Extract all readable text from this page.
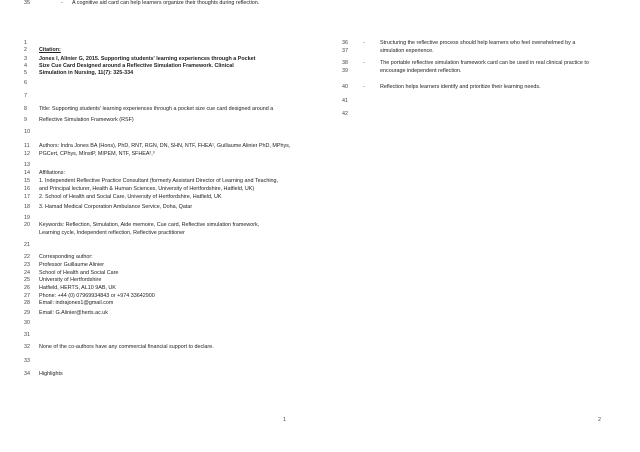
1
2	Citation:
3	Jones I, Alinier G, 2015. Supporting students' learning experiences through a Pocket
4	Size Cue Card Designed around a Reflective Simulation Framework. Clinical
5	Simulation in Nursing, 11(7): 325-334
6
7
8	Title: Supporting students' learning experiences through a pocket size cue card designed around a
9	Reflective Simulation Framework (RSF)
10
11	Authors: Indra Jones BA (Hons), PhD, RNT, RGN, DN, SHN, NTF, FHEA¹, Guillaume Alinier PhD, MPhys,
12	PGCert, CPhys, MInstP, MIPEM, NTF, SFHEA²,³
13
14	Affiliations:
15	1. Independent Reflective Practice Consultant (formerly Assistant Director of Learning and Teaching,
16	and Principal lecturer, Health & Human Sciences, University of Hertfordshire, Hatfield, UK)
17	2. School of Health and Social Care, University of Hertfordshire, Hatfield, UK
18	3. Hamad Medical Corporation Ambulance Service, Doha, Qatar
19
20	Keywords: Reflection, Simulation, Aide memoire, Cue card, Reflective simulation framework,
Learning cycle, Independent reflection, Reflective practitioner
21
22	Corresponding author:
23	Professor Guillaume Alinier
24	School of Health and Social Care
25	University of Hertfordshire
26	Hatfield, HERTS, AL10 9AB, UK
27	Phone: +44 (0) 07969934843 or +974 33642900
28	Email: indrajones1@gmail.com
29	Email: G.Alinier@herts.ac.uk
30
31
32	None of the co-authors have any commercial financial support to declare.
33
34	Highlights
35	- A cognitive aid card can help learners organize their thoughts during reflection.
1
36	-	Structuring the reflective process should help learners who feel overwhelmed by a
37	simulation experience.
38	-	The portable reflective simulation framework card can be used in real clinical practice to
39	encourage independent reflection.
40	-	Reflection helps learners identify and prioritize their learning needs.
41
42
2
